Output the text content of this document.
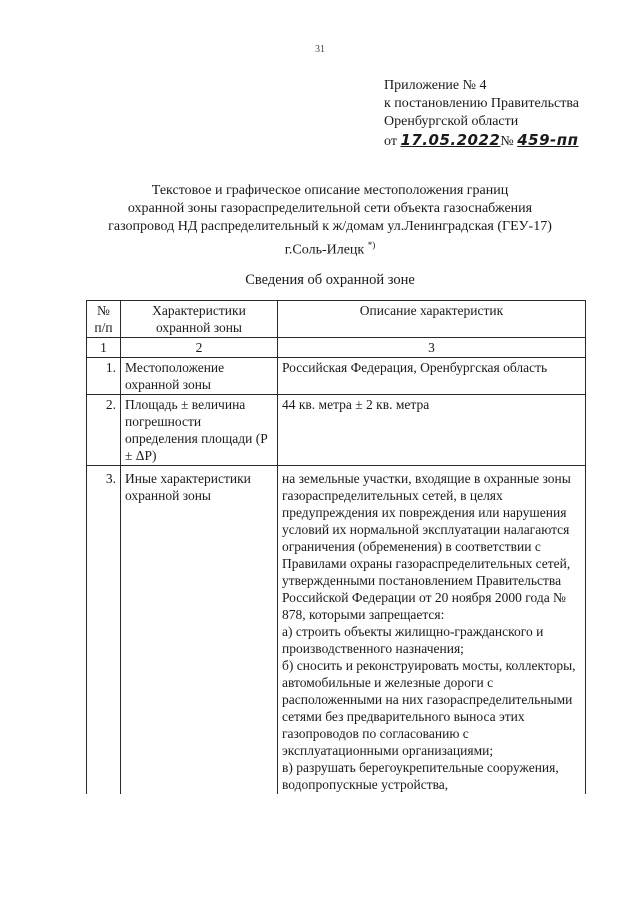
31
Приложение № 4
к постановлению Правительства
Оренбургской области
от 17.05.2022№ 459-пп
Текстовое и графическое описание местоположения границ
охранной зоны газораспределительной сети объекта газоснабжения
газопровод НД распределительный к ж/домам ул.Ленинградская (ГЕУ-17)
г.Соль-Илецк *)
Сведения об охранной зоне
№ п/п	Характеристики охранной зоны	Описание характеристик
1	2	3
1.	Местоположение охранной зоны	Российская Федерация, Оренбургская область
2.	Площадь ± величина погрешности определения площади (Р ± ΔР)	44 кв. метра ± 2 кв. метра
3.	Иные характеристики охранной зоны	на земельные участки, входящие в охранные зоны газораспределительных сетей, в целях предупреждения их повреждения или нарушения условий их нормальной эксплуатации налагаются ограничения (обременения) в соответствии с Правилами охраны газораспределительных сетей, утвержденными постановлением Правительства Российской Федерации от 20 ноября 2000 года № 878, которыми запрещается:
а) строить объекты жилищно-гражданского и производственного назначения;
б) сносить и реконструировать мосты, коллекторы, автомобильные и железные дороги с расположенными на них газораспределительными сетями без предварительного выноса этих газопроводов по согласованию с эксплуатационными организациями;
в) разрушать берегоукрепительные сооружения, водопропускные устройства,
